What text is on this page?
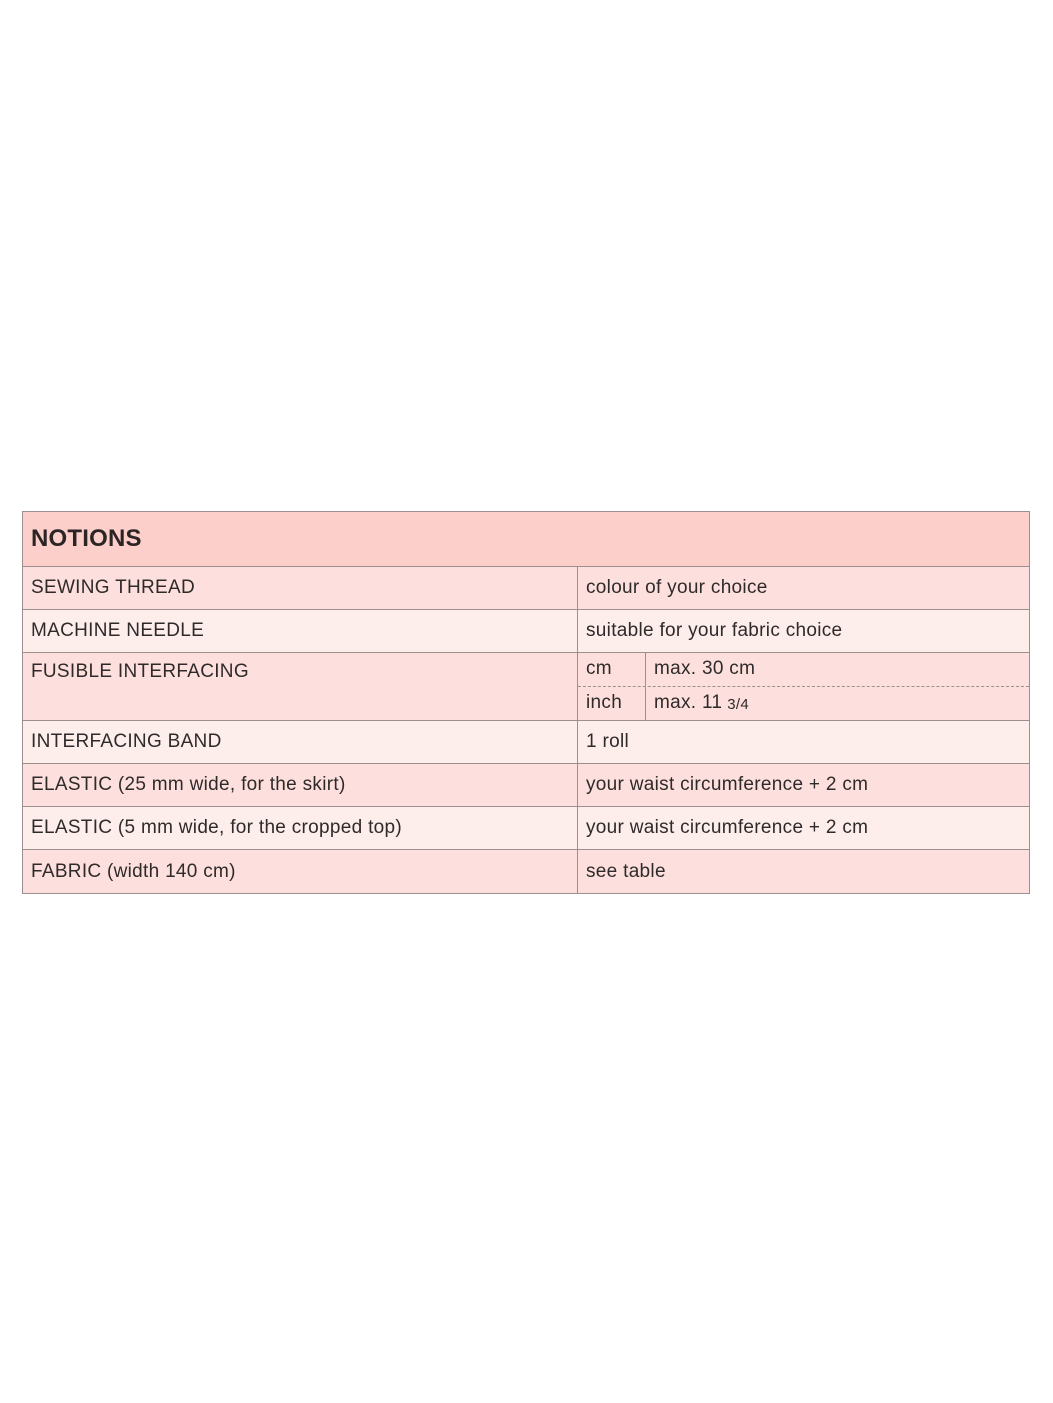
NOTIONS
SEWING THREAD	colour of your choice
MACHINE NEEDLE	suitable for your fabric choice
FUSIBLE INTERFACING	cm	max. 30 cm
inch	max. 11 3/4
INTERFACING BAND	1 roll
ELASTIC (25 mm wide, for the skirt)	your waist circumference + 2 cm
ELASTIC (5 mm wide, for the cropped top)	your waist circumference + 2 cm
FABRIC (width 140 cm)	see table
